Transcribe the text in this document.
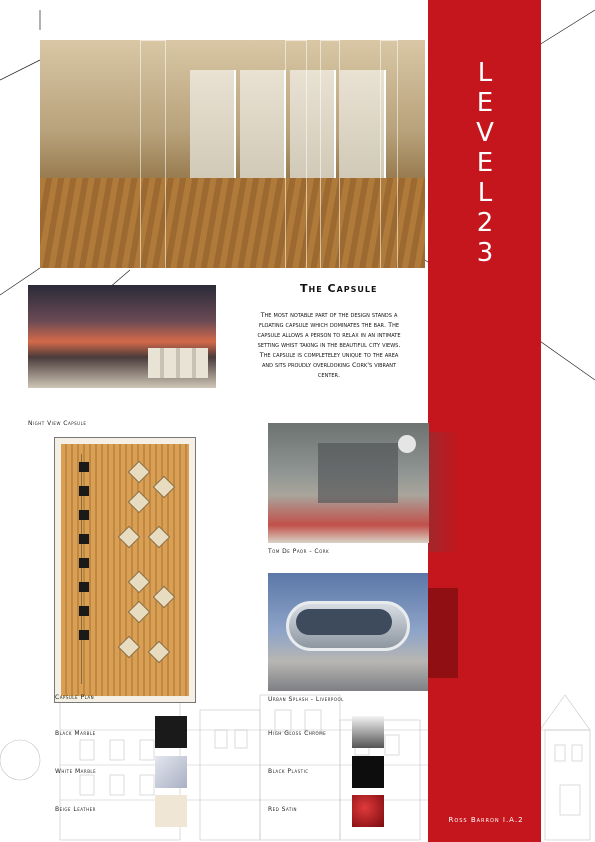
L
E
V
E
L
2
3
Ross Barron I.A.2
Night View Capsule
The Capsule
The most notable part of the design stands a floating capsule which dominates the bar. The capsule allows a person to relax in an intimate setting whist taking in the beautiful city views. The capsule is completeley unique to the area and sits proudly overlooking Cork's vibrant center.
Capsule Plan
Tom De Paor - Cork
Urban Splash - Liverpool
Black Marble
White Marble
Beige Leather
High Gloss Chrome
Black Plastic
Red Satin
